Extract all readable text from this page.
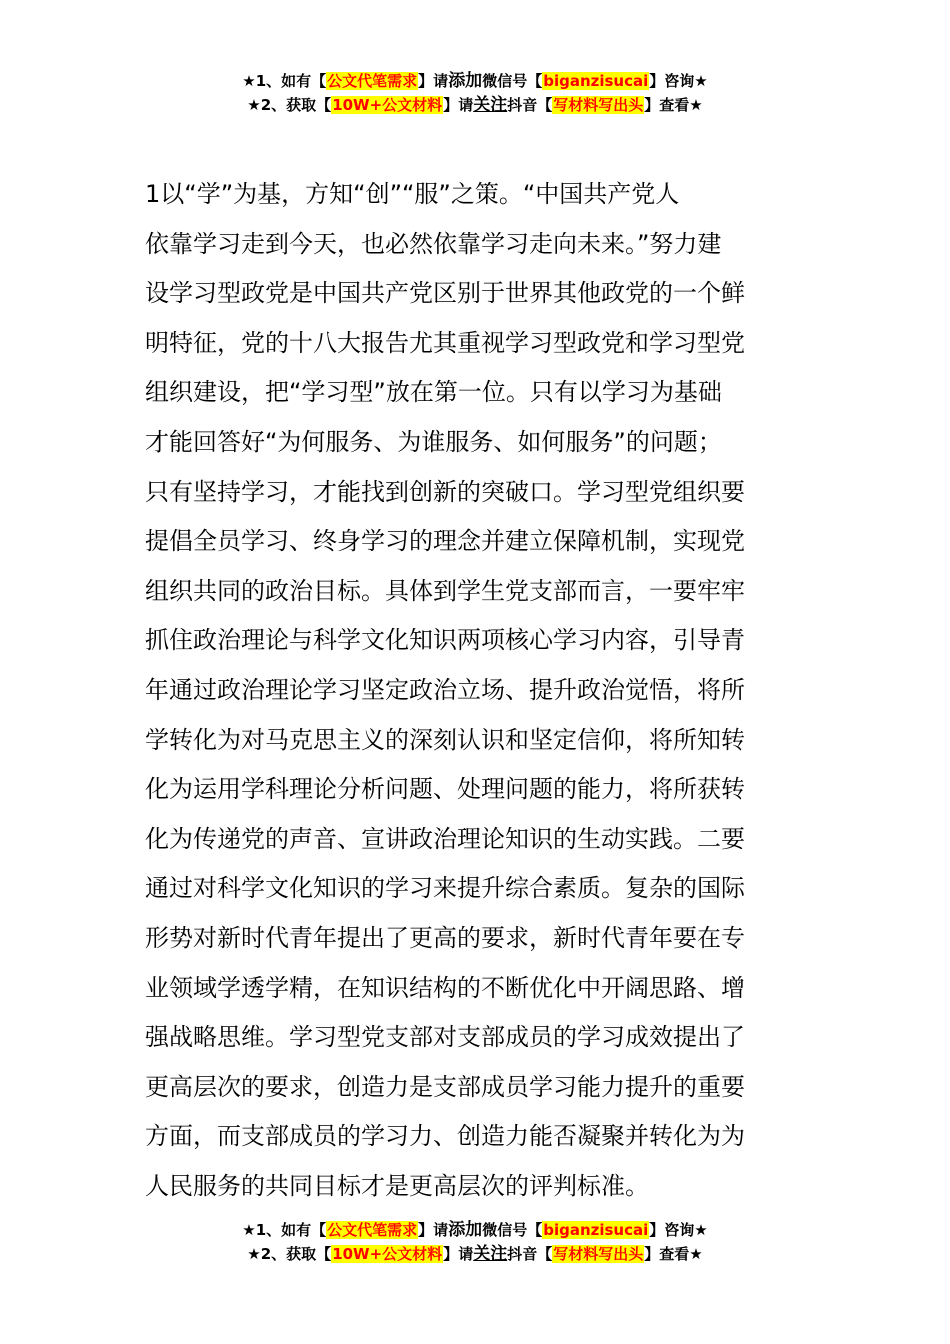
★1、如有【公文代笔需求】请添加微信号【biganzisucai】咨询★
★2、获取【10W+公文材料】请关注抖音【写材料写出头】查看★
1以“学”为基，方知“创”“服”之策。“中国共产党人
依靠学习走到今天，也必然依靠学习走向未来。”努力建
设学习型政党是中国共产党区别于世界其他政党的一个鲜
明特征，党的十八大报告尤其重视学习型政党和学习型党
组织建设，把“学习型”放在第一位。只有以学习为基础
才能回答好“为何服务、为谁服务、如何服务”的问题；
只有坚持学习，才能找到创新的突破口。学习型党组织要
提倡全员学习、终身学习的理念并建立保障机制，实现党
组织共同的政治目标。具体到学生党支部而言，一要牢牢
抓住政治理论与科学文化知识两项核心学习内容，引导青
年通过政治理论学习坚定政治立场、提升政治觉悟，将所
学转化为对马克思主义的深刻认识和坚定信仰，将所知转
化为运用学科理论分析问题、处理问题的能力，将所获转
化为传递党的声音、宣讲政治理论知识的生动实践。二要
通过对科学文化知识的学习来提升综合素质。复杂的国际
形势对新时代青年提出了更高的要求，新时代青年要在专
业领域学透学精，在知识结构的不断优化中开阔思路、增
强战略思维。学习型党支部对支部成员的学习成效提出了
更高层次的要求，创造力是支部成员学习能力提升的重要
方面，而支部成员的学习力、创造力能否凝聚并转化为为
人民服务的共同目标才是更高层次的评判标准。
★1、如有【公文代笔需求】请添加微信号【biganzisucai】咨询★
★2、获取【10W+公文材料】请关注抖音【写材料写出头】查看★
